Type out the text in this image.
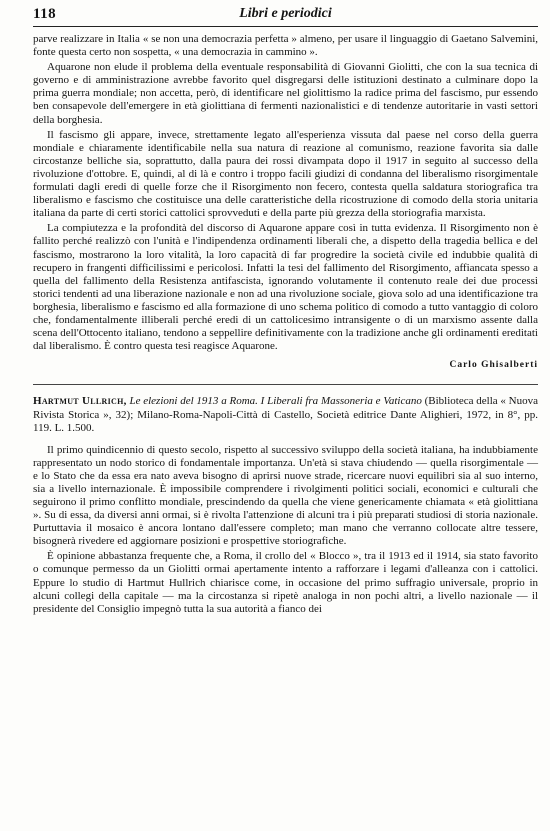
118	Libri e periodici

parve realizzare in Italia « se non una democrazia perfetta » almeno, per usare il linguaggio di Gaetano Salvemini, fonte questa certo non sospetta, « una democrazia in cammino ».

Aquarone non elude il problema della eventuale responsabilità di Giovanni Giolitti, che con la sua tecnica di governo e di amministrazione avrebbe favorito quel disgregarsi delle istituzioni destinato a culminare dopo la prima guerra mondiale; non accetta, però, di identificare nel giolittismo la radice prima del fascismo, pur essendo ben consapevole dell'emergere in età giolittiana di fermenti nazionalistici e di tendenze autoritarie in vasti settori della borghesia.

Il fascismo gli appare, invece, strettamente legato all'esperienza vissuta dal paese nel corso della guerra mondiale e chiaramente identificabile nella sua natura di reazione al comunismo, reazione favorita sia dalle circostanze belliche sia, soprattutto, dalla paura dei rossi divampata dopo il 1917 in seguito al successo della rivoluzione d'ottobre. E, quindi, al di là e contro i troppo facili giudizi di condanna del liberalismo risorgimentale formulati dagli eredi di quelle forze che il Risorgimento non fecero, contesta quella saldatura storiografica tra liberalismo e fascismo che costituisce una delle caratteristiche della ricostruzione di comodo della storia unitaria italiana da parte di certi storici cattolici sprovveduti e della parte più grezza della storiografia marxista.

La compiutezza e la profondità del discorso di Aquarone appare così in tutta evidenza. Il Risorgimento non è fallito perché realizzò con l'unità e l'indipendenza ordinamenti liberali che, a dispetto della tragedia bellica e del fascismo, mostrarono la loro vitalità, la loro capacità di far progredire la società civile ed indubbie qualità di recupero in frangenti difficilissimi e pericolosi. Infatti la tesi del fallimento del Risorgimento, affiancata spesso a quella del fallimento della Resistenza antifascista, ignorando volutamente il contenuto reale dei due processi storici tendenti ad una liberazione nazionale e non ad una rivoluzione sociale, giova solo ad una identificazione tra borghesia, liberalismo e fascismo ed alla formazione di uno schema politico di comodo a tutto vantaggio di coloro che, fondamentalmente illiberali perché eredi di un cattolicesimo intransigente o di un marxismo assente dalla scena dell'Ottocento italiano, tendono a seppellire definitivamente con la tradizione anche gli ordinamenti ereditati dal liberalismo. È contro questa tesi reagisce Aquarone.

Carlo Ghisalberti

Hartmut Ullrich, Le elezioni del 1913 a Roma. I Liberali fra Massoneria e Vaticano (Biblioteca della « Nuova Rivista Storica », 32); Milano-Roma-Napoli-Città di Castello, Società editrice Dante Alighieri, 1972, in 8°, pp. 119. L. 1.500.

Il primo quindicennio di questo secolo, rispetto al successivo sviluppo della società italiana, ha indubbiamente rappresentato un nodo storico di fondamentale importanza. Un'età si stava chiudendo — quella risorgimentale — e lo Stato che da essa era nato aveva bisogno di aprirsi nuove strade, ricercare nuovi equilibri sia al suo interno, sia a livello internazionale. È impossibile comprendere i rivolgimenti politici sociali, economici e culturali che seguirono il primo conflitto mondiale, prescindendo da quella che viene genericamente chiamata « età giolittiana ». Su di essa, da diversi anni ormai, si è rivolta l'attenzione di alcuni tra i più preparati studiosi di storia nazionale. Purtuttavia il mosaico è ancora lontano dall'essere completo; man mano che verranno collocate altre tessere, bisognerà rivedere ed aggiornare posizioni e prospettive storiografiche.

È opinione abbastanza frequente che, a Roma, il crollo del « Blocco », tra il 1913 ed il 1914, sia stato favorito o comunque permesso da un Giolitti ormai apertamente intento a rafforzare i legami d'alleanza con i cattolici. Eppure lo studio di Hartmut Hullrich chiarisce come, in occasione del primo suffragio universale, proprio in alcuni collegi della capitale — ma la circostanza si ripetè analoga in non pochi altri, a livello nazionale — il presidente del Consiglio impegnò tutta la sua autorità a fianco dei
